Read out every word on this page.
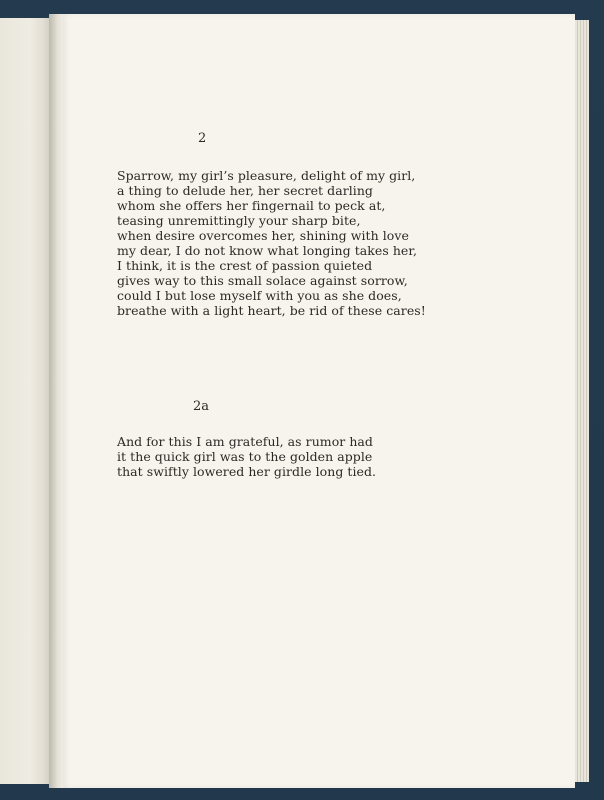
2
Sparrow, my girl’s pleasure, delight of my girl,
a thing to delude her, her secret darling
whom she offers her fingernail to peck at,
teasing unremittingly your sharp bite,
when desire overcomes her, shining with love
my dear, I do not know what longing takes her,
I think, it is the crest of passion quieted
gives way to this small solace against sorrow,
could I but lose myself with you as she does,
breathe with a light heart, be rid of these cares!
2a
And for this I am grateful, as rumor had
it the quick girl was to the golden apple
that swiftly lowered her girdle long tied.
